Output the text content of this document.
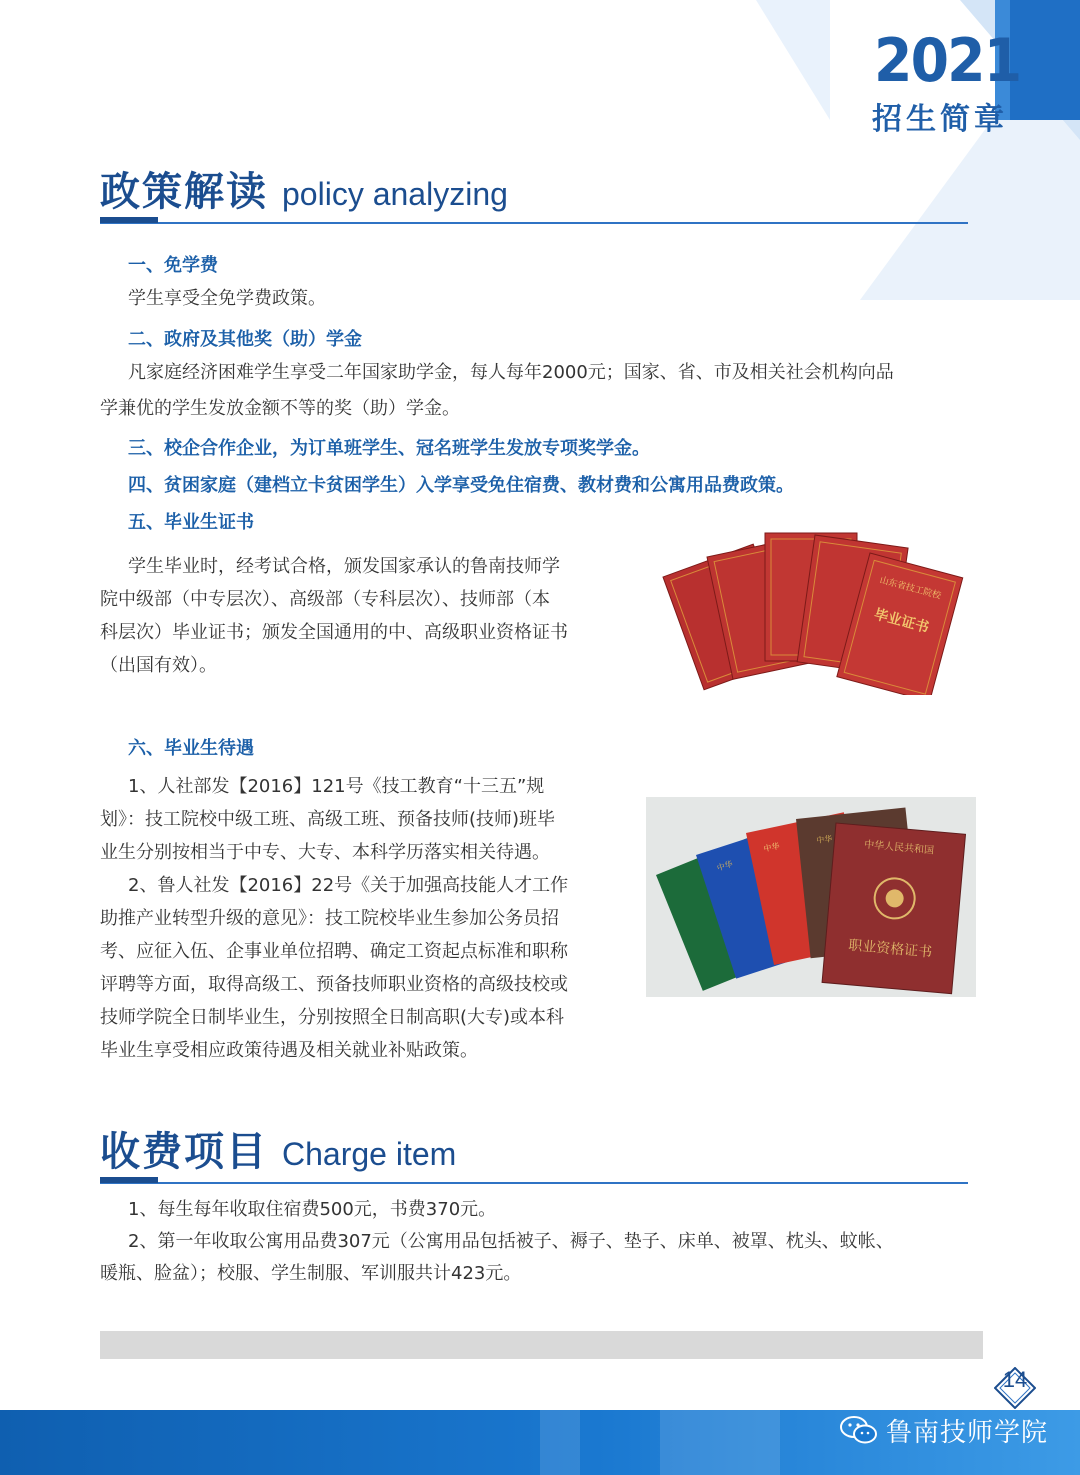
2021
招生简章
政策解读 policy analyzing
一、免学费
学生享受全免学费政策。
二、政府及其他奖（助）学金
凡家庭经济困难学生享受二年国家助学金，每人每年2000元；国家、省、市及相关社会机构向品
学兼优的学生发放金额不等的奖（助）学金。
三、校企合作企业，为订单班学生、冠名班学生发放专项奖学金。
四、贫困家庭（建档立卡贫困学生）入学享受免住宿费、教材费和公寓用品费政策。
五、毕业生证书

学生毕业时，经考试合格，颁发国家承认的鲁南技师学

院中级部（中专层次）、高级部（专科层次）、技师部（本

科层次）毕业证书；颁发全国通用的中、高级职业资格证书

（出国有效）。

毕业证书
山东省技工院校
六、毕业生待遇

1、人社部发【2016】121号《技工教育“十三五”规

划》：技工院校中级工班、高级工班、预备技师(技师)班毕

业生分别按相当于中专、大专、本科学历落实相关待遇。

2、鲁人社发【2016】22号《关于加强高技能人才工作

助推产业转型升级的意见》：技工院校毕业生参加公务员招

考、应征入伍、企事业单位招聘、确定工资起点标准和职称

评聘等方面，取得高级工、预备技师职业资格的高级技校或

技师学院全日制毕业生，分别按照全日制高职(大专)或本科

毕业生享受相应政策待遇及相关就业补贴政策。

中华
中华
中华	中华人民共和国
职业资格证书
收费项目 Charge item
1、每生每年收取住宿费500元，书费370元。
2、第一年收取公寓用品费307元（公寓用品包括被子、褥子、垫子、床单、被罩、枕头、蚊帐、
暖瓶、脸盆）；校服、学生制服、军训服共计423元。
14
鲁南技师学院
